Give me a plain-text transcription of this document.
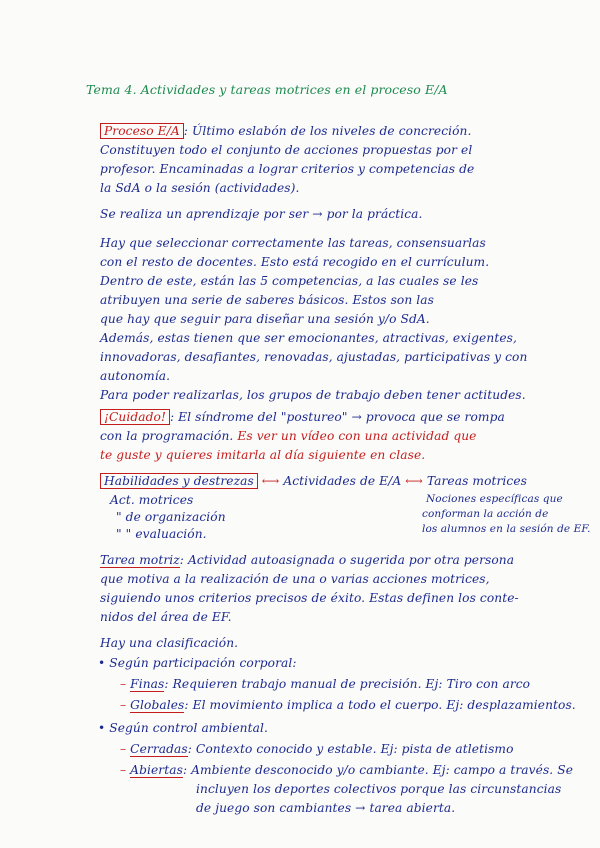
Tema 4. Actividades y tareas motrices en el proceso E/A
Proceso E/A : Último eslabón de los niveles de concreción.
Constituyen todo el conjunto de acciones propuestas por el
profesor. Encaminadas a lograr criterios y competencias de
la SdA o la sesión (actividades).
Se realiza un aprendizaje por ser → por la práctica.
Hay que seleccionar correctamente las tareas, consensuarlas
con el resto de docentes. Esto está recogido en el currículum.
Dentro de este, están las 5 competencias, a las cuales se les
atribuyen una serie de saberes básicos. Estos son las
que hay que seguir para diseñar una sesión y/o SdA.
Además, estas tienen que ser emocionantes, atractivas, exigentes,
innovadoras, desafiantes, renovadas, ajustadas, participativas y con
autonomía.
Para poder realizarlas, los grupos de trabajo deben tener actitudes.
¡Cuidado! : El síndrome del "postureo" → provoca que se rompa
con la programación. Es ver un vídeo con una actividad que
te guste y quieres imitarla al día siguiente en clase.
Habilidades y destrezas ⟷ Actividades de E/A ⟷ Tareas motrices
Nociones específicas que
conforman la acción de
los alumnos en la sesión de EF.
Act. motrices
" de organización
" " evaluación.
Tarea motriz: Actividad autoasignada o sugerida por otra persona
que motiva a la realización de una o varias acciones motrices,
siguiendo unos criterios precisos de éxito. Estas definen los conte-
nidos del área de EF.
Hay una clasificación.
• Según participación corporal:
– Finas: Requieren trabajo manual de precisión. Ej: Tiro con arco
– Globales: El movimiento implica a todo el cuerpo. Ej: desplazamientos.
• Según control ambiental.
– Cerradas: Contexto conocido y estable. Ej: pista de atletismo
– Abiertas: Ambiente desconocido y/o cambiante. Ej: campo a través. Se
incluyen los deportes colectivos porque las circunstancias
de juego son cambiantes → tarea abierta.
